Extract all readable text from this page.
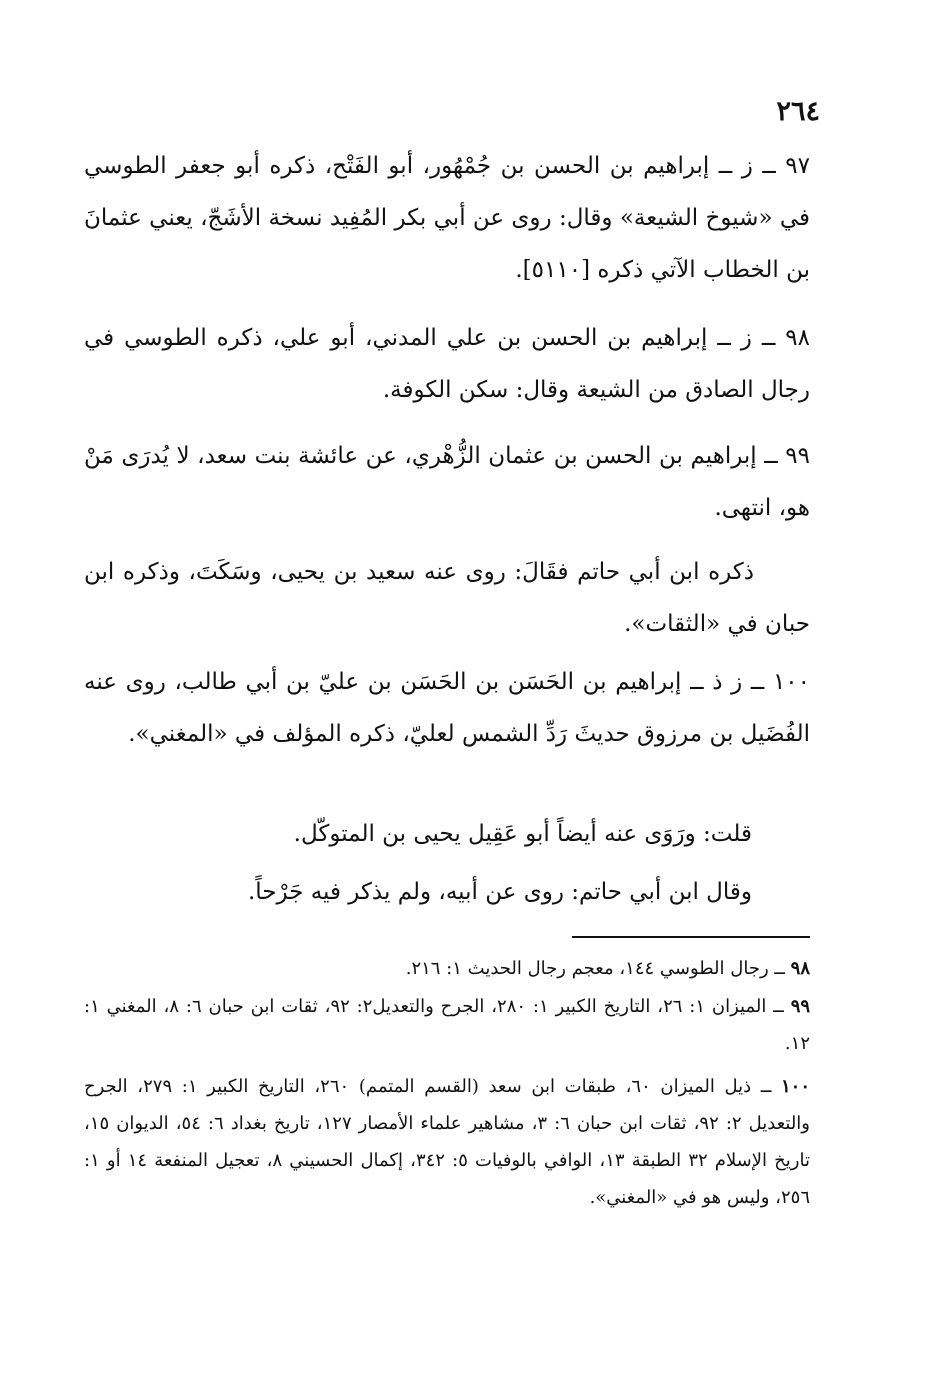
٢٦٤

٩٧ ــ ز ــ إبراهيم بن الحسن بن جُمْهُور، أبو الفَتْح، ذكره أبو جعفر الطوسي في «شيوخ الشيعة» وقال: روى عن أبي بكر المُفِيد نسخة الأشَجّ، يعني عثمانَ بن الخطاب الآتي ذكره [٥١١٠].

٩٨ ــ ز ــ إبراهيم بن الحسن بن علي المدني، أبو علي، ذكره الطوسي في رجال الصادق من الشيعة وقال: سكن الكوفة.

٩٩ ــ إبراهيم بن الحسن بن عثمان الزُّهْري، عن عائشة بنت سعد، لا يُدرَى مَنْ هو، انتهى.

ذكره ابن أبي حاتم فقَالَ: روى عنه سعيد بن يحيى، وسَكَتَ، وذكره ابن حبان في «الثقات».

١٠٠ ــ ز ذ ــ إبراهيم بن الحَسَن بن الحَسَن بن عليّ بن أبي طالب، روى عنه الفُضَيل بن مرزوق حديثَ رَدِّ الشمس لعليّ، ذكره المؤلف في «المغني».

قلت: ورَوَى عنه أيضاً أبو عَقِيل يحيى بن المتوكّل.

وقال ابن أبي حاتم: روى عن أبيه، ولم يذكر فيه جَرْحاً.

٩٨ ــ رجال الطوسي ١٤٤، معجم رجال الحديث ١: ٢١٦.

٩٩ ــ الميزان ١: ٢٦، التاريخ الكبير ١: ٢٨٠، الجرح والتعديل٢: ٩٢، ثقات ابن حبان ٦: ٨، المغني ١: ١٢.

١٠٠ ــ ذيل الميزان ٦٠، طبقات ابن سعد (القسم المتمم) ٢٦٠، التاريخ الكبير ١: ٢٧٩، الجرح والتعديل ٢: ٩٢، ثقات ابن حبان ٦: ٣، مشاهير علماء الأمصار ١٢٧، تاريخ بغداد ٦: ٥٤، الديوان ١٥، تاريخ الإسلام ٣٢ الطبقة ١٣، الوافي بالوفيات ٥: ٣٤٢، إكمال الحسيني ٨، تعجيل المنفعة ١٤ أو ١: ٢٥٦، وليس هو في «المغني».
